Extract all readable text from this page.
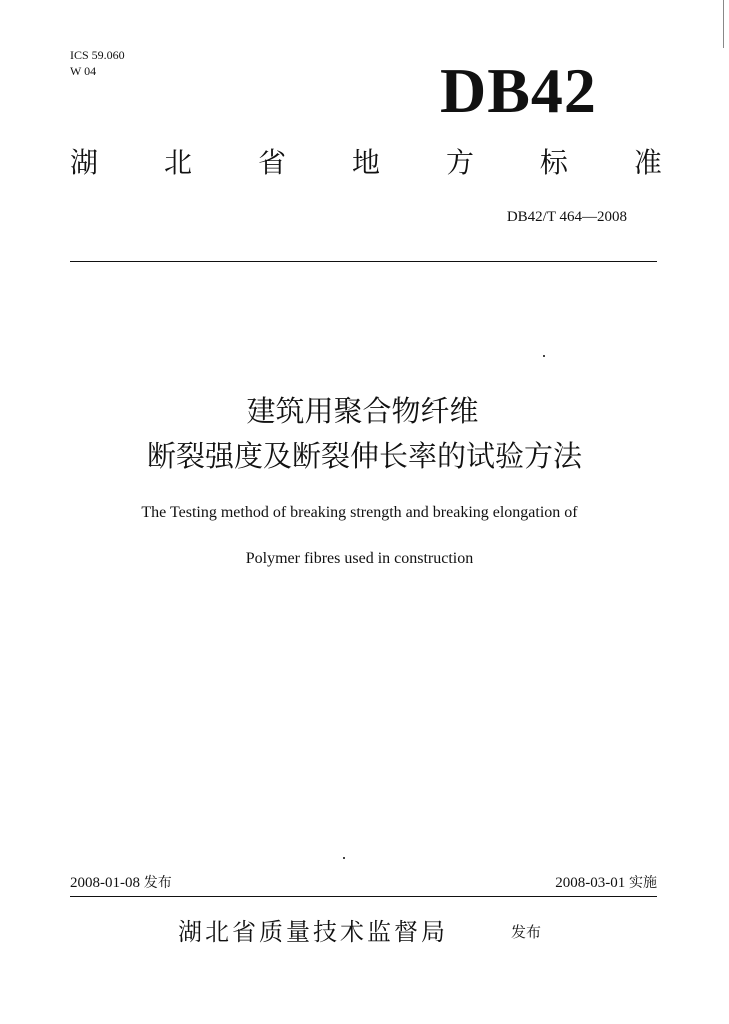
ICS 59.060
W 04	DB42
湖 北 省 地 方 标 准
DB42/T 464—2008
建筑用聚合物纤维
断裂强度及断裂伸长率的试验方法
The Testing method of breaking strength and breaking elongation of
Polymer fibres used in construction
2008-01-08 发布	2008-03-01 实施
湖北省质量技术监督局	发布
